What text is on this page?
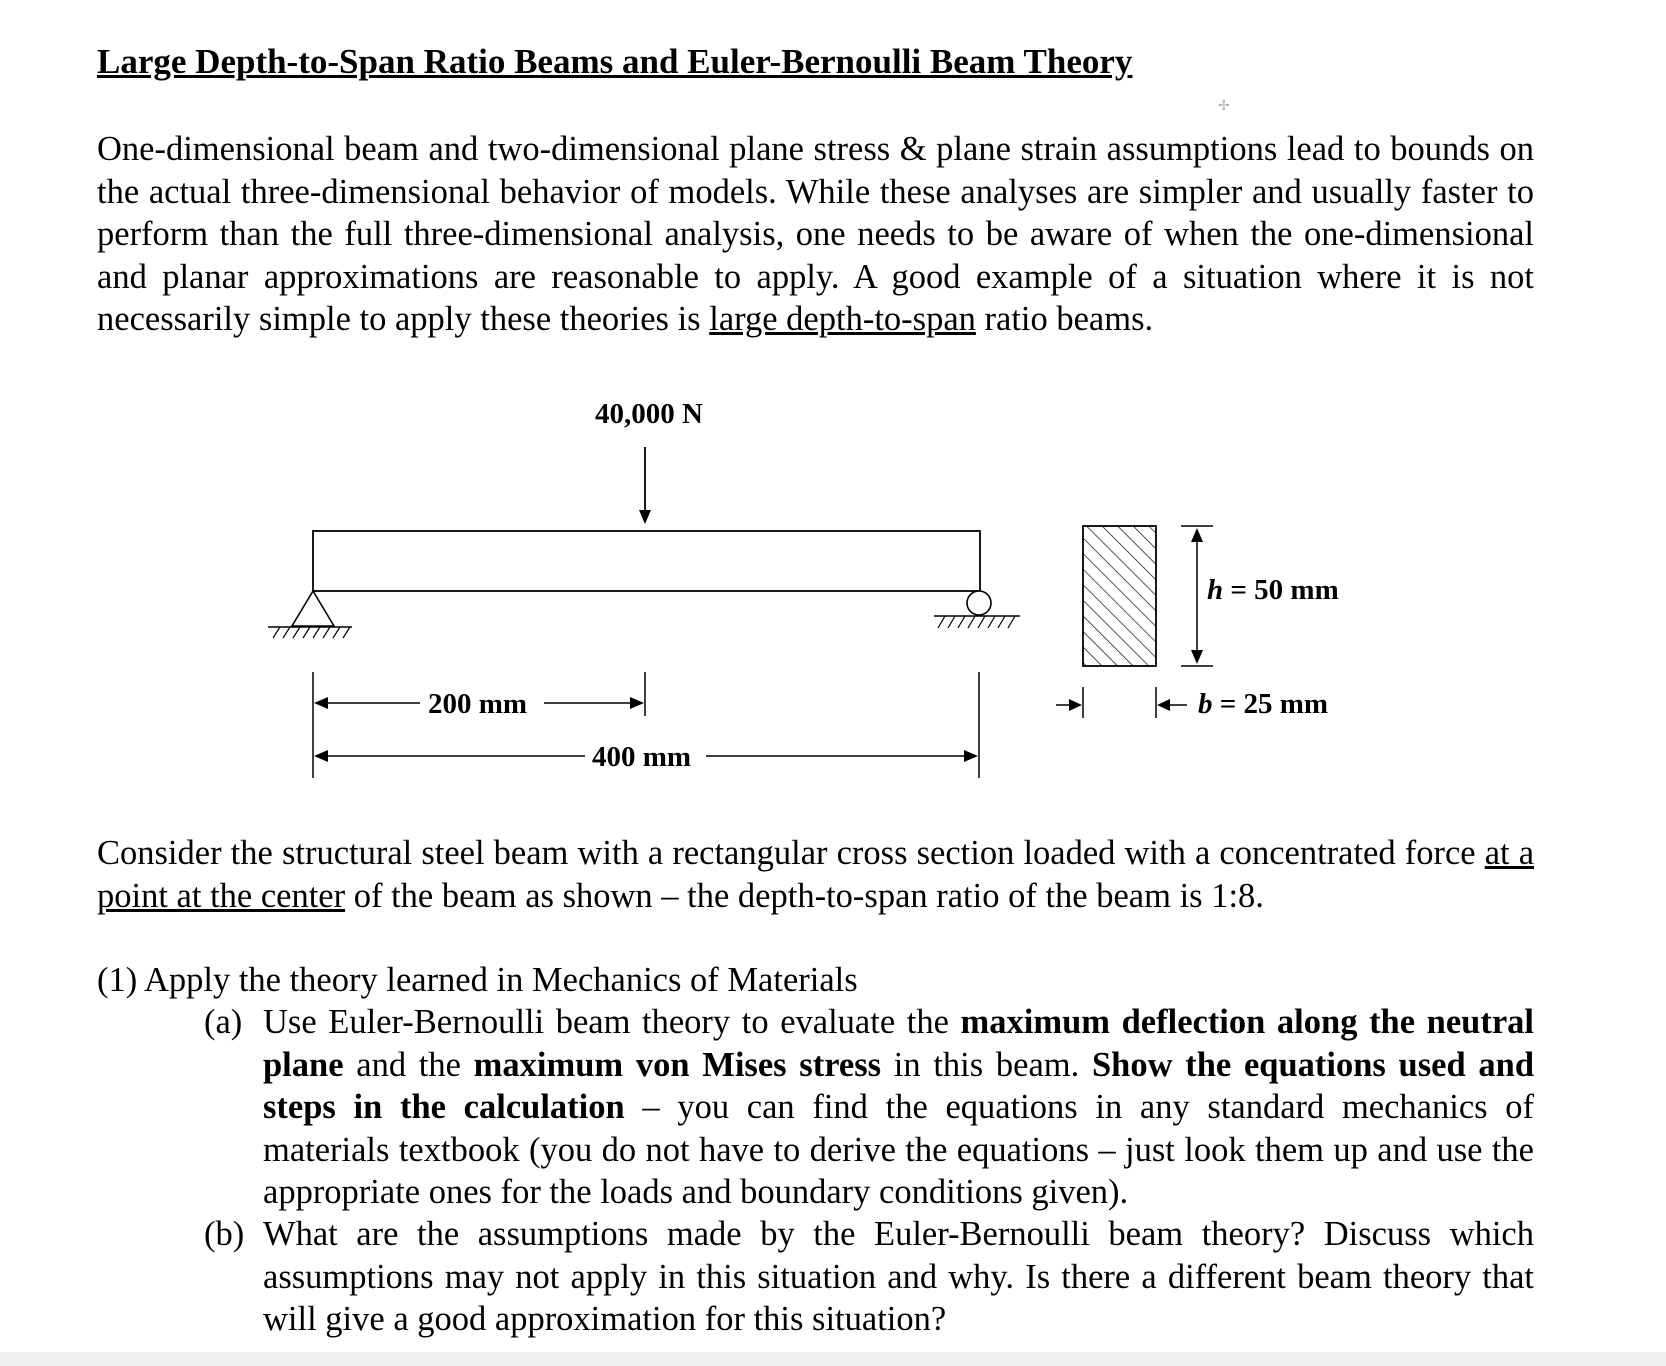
Large Depth-to-Span Ratio Beams and Euler-Bernoulli Beam Theory
✢
One-dimensional beam and two-dimensional plane stress & plane strain assumptions lead to bounds on the actual three-dimensional behavior of models. While these analyses are simpler and usually faster to perform than the full three-dimensional analysis, one needs to be aware of when the one-dimensional and planar approximations are reasonable to apply. A good example of a situation where it is not necessarily simple to apply these theories is large depth-to-span ratio beams.
40,000 N
h = 50 mm
b = 25 mm
200 mm
400 mm
Consider the structural steel beam with a rectangular cross section loaded with a concentrated force at a point at the center of the beam as shown – the depth-to-span ratio of the beam is 1:8.
(1) Apply the theory learned in Mechanics of Materials
(a) Use Euler-Bernoulli beam theory to evaluate the maximum deflection along the neutral plane and the maximum von Mises stress in this beam. Show the equations used and steps in the calculation – you can find the equations in any standard mechanics of materials textbook (you do not have to derive the equations – just look them up and use the appropriate ones for the loads and boundary conditions given).
(b) What are the assumptions made by the Euler-Bernoulli beam theory? Discuss which assumptions may not apply in this situation and why. Is there a different beam theory that will give a good approximation for this situation?
